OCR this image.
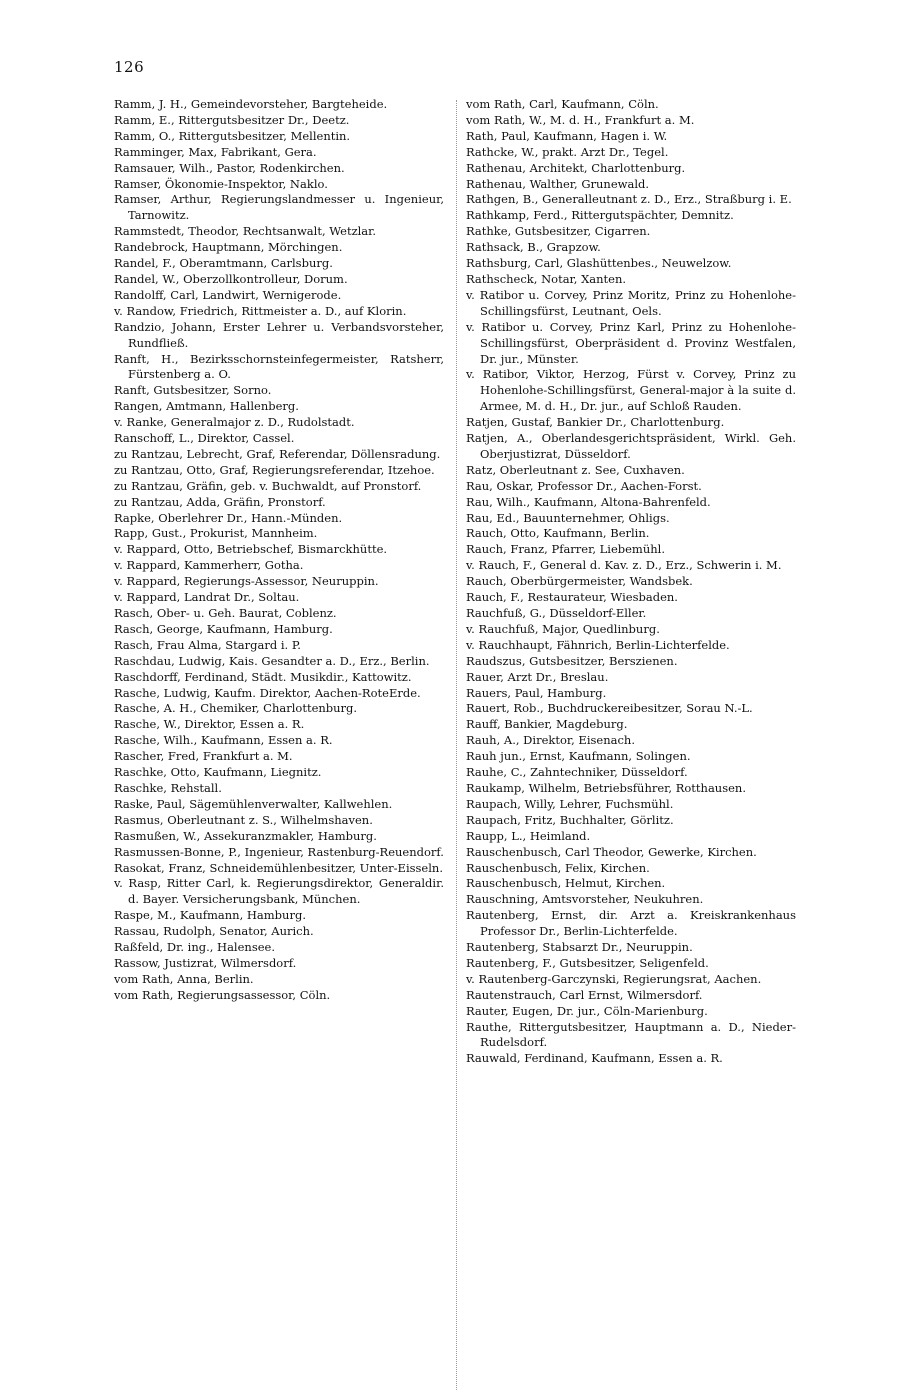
126

Ramm, J. H., Gemeindevorsteher, Bargteheide.

Ramm, E., Rittergutsbesitzer Dr., Deetz.

Ramm, O., Rittergutsbesitzer, Mellentin.

Ramminger, Max, Fabrikant, Gera.

Ramsauer, Wilh., Pastor, Rodenkirchen.

Ramser, Ökonomie-Inspektor, Naklo.

Ramser, Arthur, Regierungslandmesser u. Ingenieur, Tarnowitz.

Rammstedt, Theodor, Rechtsanwalt, Wetzlar.

Randebrock, Hauptmann, Mörchingen.

Randel, F., Oberamtmann, Carlsburg.

Randel, W., Oberzollkontrolleur, Dorum.

Randolff, Carl, Landwirt, Wernigerode.

v. Randow, Friedrich, Rittmeister a. D., auf Klorin.

Randzio, Johann, Erster Lehrer u. Verbandsvorsteher, Rundfließ.

Ranft, H., Bezirksschornsteinfegermeister, Ratsherr, Fürstenberg a. O.

Ranft, Gutsbesitzer, Sorno.

Rangen, Amtmann, Hallenberg.

v. Ranke, Generalmajor z. D., Rudolstadt.

Ranschoff, L., Direktor, Cassel.

zu Rantzau, Lebrecht, Graf, Referendar, Döllensradung.

zu Rantzau, Otto, Graf, Regierungsreferendar, Itzehoe.

zu Rantzau, Gräfin, geb. v. Buchwaldt, auf Pronstorf.

zu Rantzau, Adda, Gräfin, Pronstorf.

Rapke, Oberlehrer Dr., Hann.-Münden.

Rapp, Gust., Prokurist, Mannheim.

v. Rappard, Otto, Betriebschef, Bismarckhütte.

v. Rappard, Kammerherr, Gotha.

v. Rappard, Regierungs-Assessor, Neuruppin.

v. Rappard, Landrat Dr., Soltau.

Rasch, Ober- u. Geh. Baurat, Coblenz.

Rasch, George, Kaufmann, Hamburg.

Rasch, Frau Alma, Stargard i. P.

Raschdau, Ludwig, Kais. Gesandter a. D., Erz., Berlin.

Raschdorff, Ferdinand, Städt. Musikdir., Kattowitz.

Rasche, Ludwig, Kaufm. Direktor, Aachen-RoteErde.

Rasche, A. H., Chemiker, Charlottenburg.

Rasche, W., Direktor, Essen a. R.

Rasche, Wilh., Kaufmann, Essen a. R.

Rascher, Fred, Frankfurt a. M.

Raschke, Otto, Kaufmann, Liegnitz.

Raschke, Rehstall.

Raske, Paul, Sägemühlenverwalter, Kallwehlen.

Rasmus, Oberleutnant z. S., Wilhelmshaven.

Rasmußen, W., Assekuranzmakler, Hamburg.

Rasmussen-Bonne, P., Ingenieur, Rastenburg-Reuendorf.

Rasokat, Franz, Schneidemühlenbesitzer, Unter-Eisseln.

v. Rasp, Ritter Carl, k. Regierungsdirektor, Generaldir. d. Bayer. Versicherungsbank, München.

Raspe, M., Kaufmann, Hamburg.

Rassau, Rudolph, Senator, Aurich.

Raßfeld, Dr. ing., Halensee.

Rassow, Justizrat, Wilmersdorf.

vom Rath, Anna, Berlin.

vom Rath, Regierungsassessor, Cöln.

vom Rath, Carl, Kaufmann, Cöln.

vom Rath, W., M. d. H., Frankfurt a. M.

Rath, Paul, Kaufmann, Hagen i. W.

Rathcke, W., prakt. Arzt Dr., Tegel.

Rathenau, Architekt, Charlottenburg.

Rathenau, Walther, Grunewald.

Rathgen, B., Generalleutnant z. D., Erz., Straßburg i. E.

Rathkamp, Ferd., Rittergutspächter, Demnitz.

Rathke, Gutsbesitzer, Cigarren.

Rathsack, B., Grapzow.

Rathsburg, Carl, Glashüttenbes., Neuwelzow.

Rathscheck, Notar, Xanten.

v. Ratibor u. Corvey, Prinz Moritz, Prinz zu Hohenlohe-Schillingsfürst, Leutnant, Oels.

v. Ratibor u. Corvey, Prinz Karl, Prinz zu Hohenlohe-Schillingsfürst, Oberpräsident d. Provinz Westfalen, Dr. jur., Münster.

v. Ratibor, Viktor, Herzog, Fürst v. Corvey, Prinz zu Hohenlohe-Schillingsfürst, General-major à la suite d. Armee, M. d. H., Dr. jur., auf Schloß Rauden.

Ratjen, Gustaf, Bankier Dr., Charlottenburg.

Ratjen, A., Oberlandesgerichtspräsident, Wirkl. Geh. Oberjustizrat, Düsseldorf.

Ratz, Oberleutnant z. See, Cuxhaven.

Rau, Oskar, Professor Dr., Aachen-Forst.

Rau, Wilh., Kaufmann, Altona-Bahrenfeld.

Rau, Ed., Bauunternehmer, Ohligs.

Rauch, Otto, Kaufmann, Berlin.

Rauch, Franz, Pfarrer, Liebemühl.

v. Rauch, F., General d. Kav. z. D., Erz., Schwerin i. M.

Rauch, Oberbürgermeister, Wandsbek.

Rauch, F., Restaurateur, Wiesbaden.

Rauchfuß, G., Düsseldorf-Eller.

v. Rauchfuß, Major, Quedlinburg.

v. Rauchhaupt, Fähnrich, Berlin-Lichterfelde.

Raudszus, Gutsbesitzer, Berszienen.

Rauer, Arzt Dr., Breslau.

Rauers, Paul, Hamburg.

Rauert, Rob., Buchdruckereibesitzer, Sorau N.-L.

Rauff, Bankier, Magdeburg.

Rauh, A., Direktor, Eisenach.

Rauh jun., Ernst, Kaufmann, Solingen.

Rauhe, C., Zahntechniker, Düsseldorf.

Raukamp, Wilhelm, Betriebsführer, Rotthausen.

Raupach, Willy, Lehrer, Fuchsmühl.

Raupach, Fritz, Buchhalter, Görlitz.

Raupp, L., Heimland.

Rauschenbusch, Carl Theodor, Gewerke, Kirchen.

Rauschenbusch, Felix, Kirchen.

Rauschenbusch, Helmut, Kirchen.

Rauschning, Amtsvorsteher, Neukuhren.

Rautenberg, Ernst, dir. Arzt a. Kreiskrankenhaus Professor Dr., Berlin-Lichterfelde.

Rautenberg, Stabsarzt Dr., Neuruppin.

Rautenberg, F., Gutsbesitzer, Seligenfeld.

v. Rautenberg-Garczynski, Regierungsrat, Aachen.

Rautenstrauch, Carl Ernst, Wilmersdorf.

Rauter, Eugen, Dr. jur., Cöln-Marienburg.

Rauthe, Rittergutsbesitzer, Hauptmann a. D., Nieder-Rudelsdorf.

Rauwald, Ferdinand, Kaufmann, Essen a. R.
